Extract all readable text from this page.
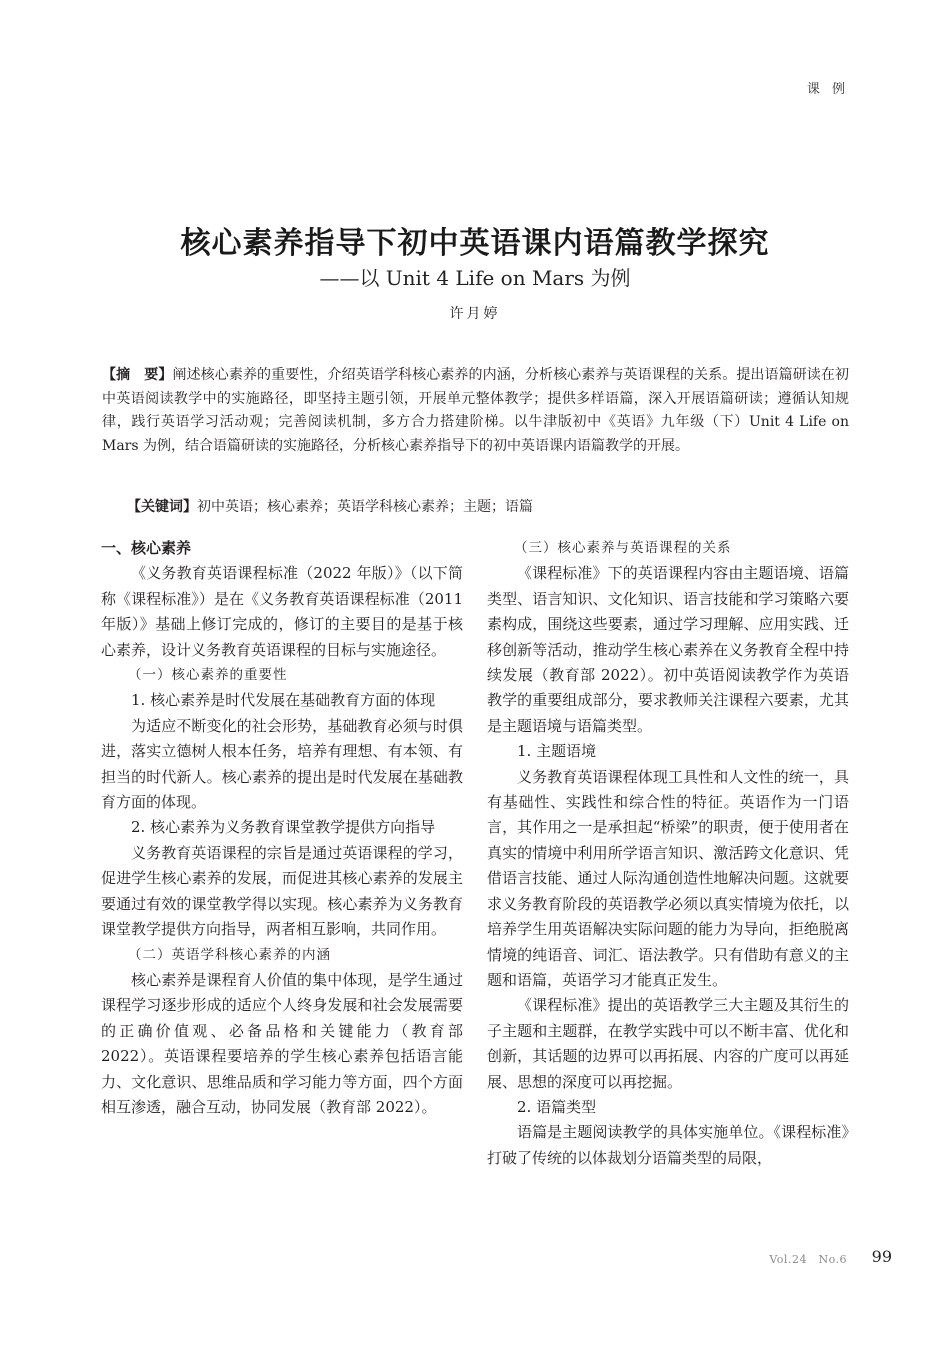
课 例
核心素养指导下初中英语课内语篇教学探究
——以 Unit 4 Life on Mars 为例
许月婷
【摘　要】阐述核心素养的重要性，介绍英语学科核心素养的内涵，分析核心素养与英语课程的关系。提出语篇研读在初中英语阅读教学中的实施路径，即坚持主题引领，开展单元整体教学；提供多样语篇，深入开展语篇研读；遵循认知规律，践行英语学习活动观；完善阅读机制，多方合力搭建阶梯。以牛津版初中《英语》九年级（下）Unit 4 Life on Mars 为例，结合语篇研读的实施路径，分析核心素养指导下的初中英语课内语篇教学的开展。
【关键词】初中英语；核心素养；英语学科核心素养；主题；语篇

一、核心素养

《义务教育英语课程标准（2022 年版）》（以下简称《课程标准》）是在《义务教育英语课程标准（2011 年版）》基础上修订完成的，修订的主要目的是基于核心素养，设计义务教育英语课程的目标与实施途径。

（一）核心素养的重要性

1. 核心素养是时代发展在基础教育方面的体现

为适应不断变化的社会形势，基础教育必须与时俱进，落实立德树人根本任务，培养有理想、有本领、有担当的时代新人。核心素养的提出是时代发展在基础教育方面的体现。

2. 核心素养为义务教育课堂教学提供方向指导

义务教育英语课程的宗旨是通过英语课程的学习，促进学生核心素养的发展，而促进其核心素养的发展主要通过有效的课堂教学得以实现。核心素养为义务教育课堂教学提供方向指导，两者相互影响，共同作用。

（二）英语学科核心素养的内涵

核心素养是课程育人价值的集中体现，是学生通过课程学习逐步形成的适应个人终身发展和社会发展需要的正确价值观、必备品格和关键能力（教育部 2022）。英语课程要培养的学生核心素养包括语言能力、文化意识、思维品质和学习能力等方面，四个方面相互渗透，融合互动，协同发展（教育部 2022）。

（三）核心素养与英语课程的关系

《课程标准》下的英语课程内容由主题语境、语篇类型、语言知识、文化知识、语言技能和学习策略六要素构成，围绕这些要素，通过学习理解、应用实践、迁移创新等活动，推动学生核心素养在义务教育全程中持续发展（教育部 2022）。初中英语阅读教学作为英语教学的重要组成部分，要求教师关注课程六要素，尤其是主题语境与语篇类型。

1. 主题语境

义务教育英语课程体现工具性和人文性的统一，具有基础性、实践性和综合性的特征。英语作为一门语言，其作用之一是承担起“桥梁”的职责，便于使用者在真实的情境中利用所学语言知识、激活跨文化意识、凭借语言技能、通过人际沟通创造性地解决问题。这就要求义务教育阶段的英语教学必须以真实情境为依托，以培养学生用英语解决实际问题的能力为导向，拒绝脱离情境的纯语音、词汇、语法教学。只有借助有意义的主题和语篇，英语学习才能真正发生。

《课程标准》提出的英语教学三大主题及其衍生的子主题和主题群，在教学实践中可以不断丰富、优化和创新，其话题的边界可以再拓展、内容的广度可以再延展、思想的深度可以再挖掘。

2. 语篇类型

语篇是主题阅读教学的具体实施单位。《课程标准》打破了传统的以体裁划分语篇类型的局限，

Vol.24　No.6 99
